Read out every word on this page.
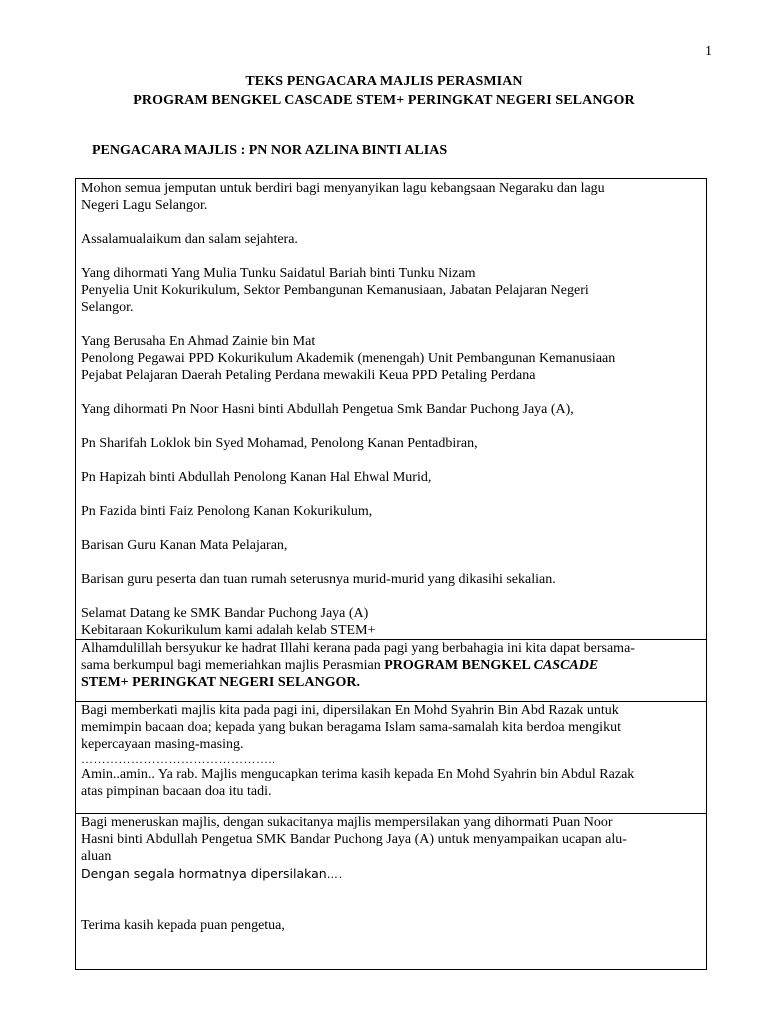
1
TEKS PENGACARA MAJLIS PERASMIAN
PROGRAM BENGKEL CASCADE STEM+ PERINGKAT NEGERI SELANGOR
PENGACARA MAJLIS : PN NOR AZLINA BINTI ALIAS

Mohon semua jemputan untuk berdiri bagi menyanyikan lagu kebangsaan Negaraku dan lagu
Negeri Lagu Selangor.

Assalamualaikum dan salam sejahtera.

Yang dihormati Yang Mulia Tunku Saidatul Bariah binti Tunku Nizam
Penyelia Unit Kokurikulum, Sektor Pembangunan Kemanusiaan, Jabatan Pelajaran Negeri
Selangor.

Yang Berusaha En Ahmad Zainie bin Mat
Penolong Pegawai PPD Kokurikulum Akademik (menengah) Unit Pembangunan Kemanusiaan
Pejabat Pelajaran Daerah Petaling Perdana mewakili Keua PPD Petaling Perdana

Yang dihormati Pn Noor Hasni binti Abdullah Pengetua Smk Bandar Puchong Jaya (A),

Pn Sharifah Loklok bin Syed Mohamad, Penolong Kanan Pentadbiran,

Pn Hapizah binti Abdullah Penolong Kanan Hal Ehwal Murid,

Pn Fazida binti Faiz Penolong Kanan Kokurikulum,

Barisan Guru Kanan Mata Pelajaran,

Barisan guru peserta dan tuan rumah seterusnya murid-murid yang dikasihi sekalian.

Selamat Datang ke SMK Bandar Puchong Jaya (A)
Kebitaraan Kokurikulum kami adalah kelab STEM+

Alhamdulillah bersyukur ke hadrat Illahi kerana pada pagi yang berbahagia ini kita dapat bersama-
sama berkumpul bagi memeriahkan majlis Perasmian PROGRAM BENGKEL CASCADE
STEM+ PERINGKAT NEGERI SELANGOR.

Bagi memberkati majlis kita pada pagi ini, dipersilakan En Mohd Syahrin Bin Abd Razak untuk
memimpin bacaan doa; kepada yang bukan beragama Islam sama-samalah kita berdoa mengikut
kepercayaan masing-masing.

………………………………………..

Amin..amin.. Ya rab. Majlis mengucapkan terima kasih kepada En Mohd Syahrin bin Abdul Razak
atas pimpinan bacaan doa itu tadi.

Bagi meneruskan majlis, dengan sukacitanya majlis mempersilakan yang dihormati Puan Noor
Hasni binti Abdullah Pengetua SMK Bandar Puchong Jaya (A) untuk menyampaikan ucapan alu-
aluan
Dengan segala hormatnya dipersilakan….

Terima kasih kepada puan pengetua,
